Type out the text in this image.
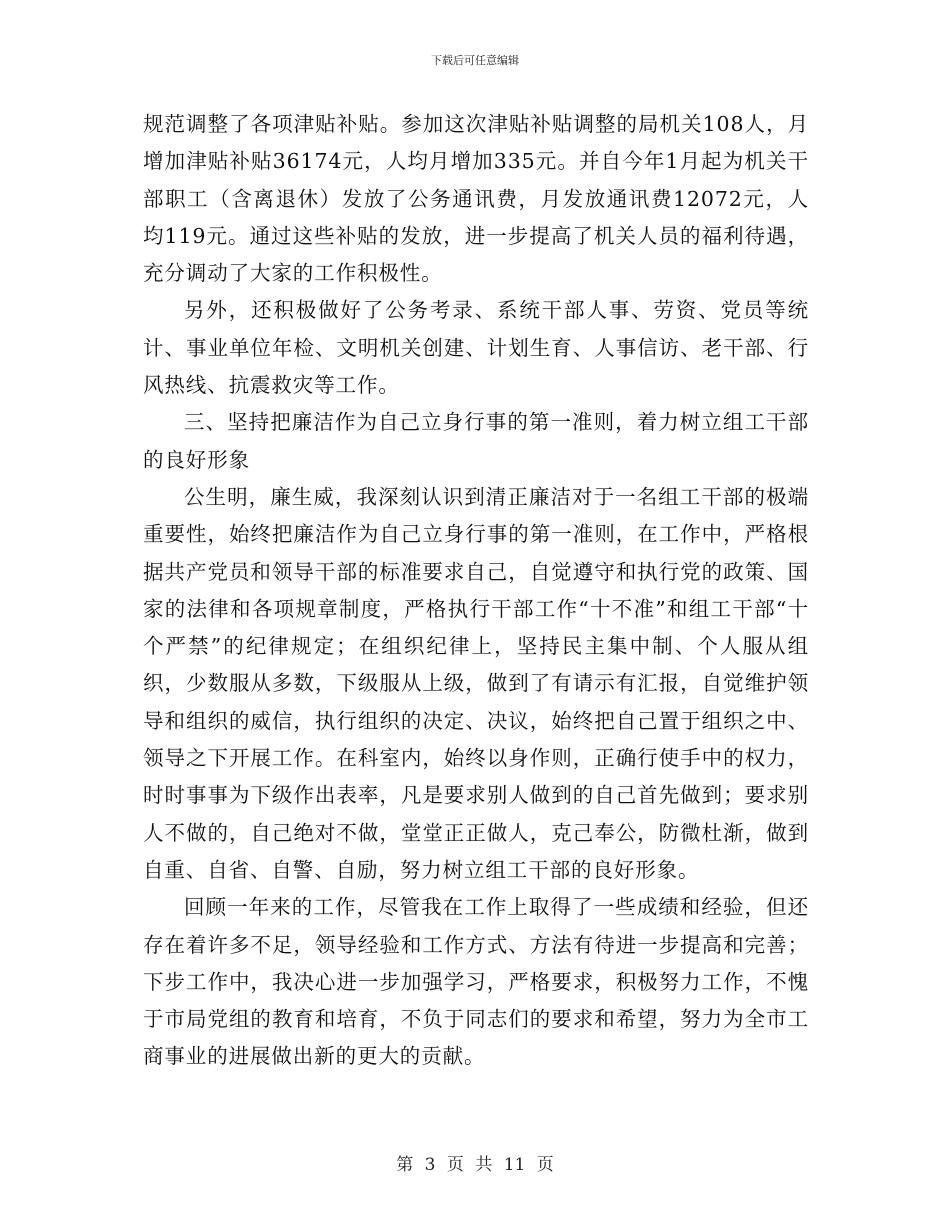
下载后可任意编辑

规范调整了各项津贴补贴。参加这次津贴补贴调整的局机关108人，月增加津贴补贴36174元，人均月增加335元。并自今年1月起为机关干部职工（含离退休）发放了公务通讯费，月发放通讯费12072元，人均119元。通过这些补贴的发放，进一步提高了机关人员的福利待遇，充分调动了大家的工作积极性。

另外，还积极做好了公务考录、系统干部人事、劳资、党员等统计、事业单位年检、文明机关创建、计划生育、人事信访、老干部、行风热线、抗震救灾等工作。

三、坚持把廉洁作为自己立身行事的第一准则，着力树立组工干部的良好形象

公生明，廉生威，我深刻认识到清正廉洁对于一名组工干部的极端重要性，始终把廉洁作为自己立身行事的第一准则，在工作中，严格根据共产党员和领导干部的标准要求自己，自觉遵守和执行党的政策、国家的法律和各项规章制度，严格执行干部工作“十不准”和组工干部“十个严禁”的纪律规定；在组织纪律上，坚持民主集中制、个人服从组织，少数服从多数，下级服从上级，做到了有请示有汇报，自觉维护领导和组织的威信，执行组织的决定、决议，始终把自己置于组织之中、领导之下开展工作。在科室内，始终以身作则，正确行使手中的权力，时时事事为下级作出表率，凡是要求别人做到的自己首先做到；要求别人不做的，自己绝对不做，堂堂正正做人，克己奉公，防微杜渐，做到自重、自省、自警、自励，努力树立组工干部的良好形象。

回顾一年来的工作，尽管我在工作上取得了一些成绩和经验，但还存在着许多不足，领导经验和工作方式、方法有待进一步提高和完善；下步工作中，我决心进一步加强学习，严格要求，积极努力工作，不愧于市局党组的教育和培育，不负于同志们的要求和希望，努力为全市工商事业的进展做出新的更大的贡献。

第 3 页 共 11 页
